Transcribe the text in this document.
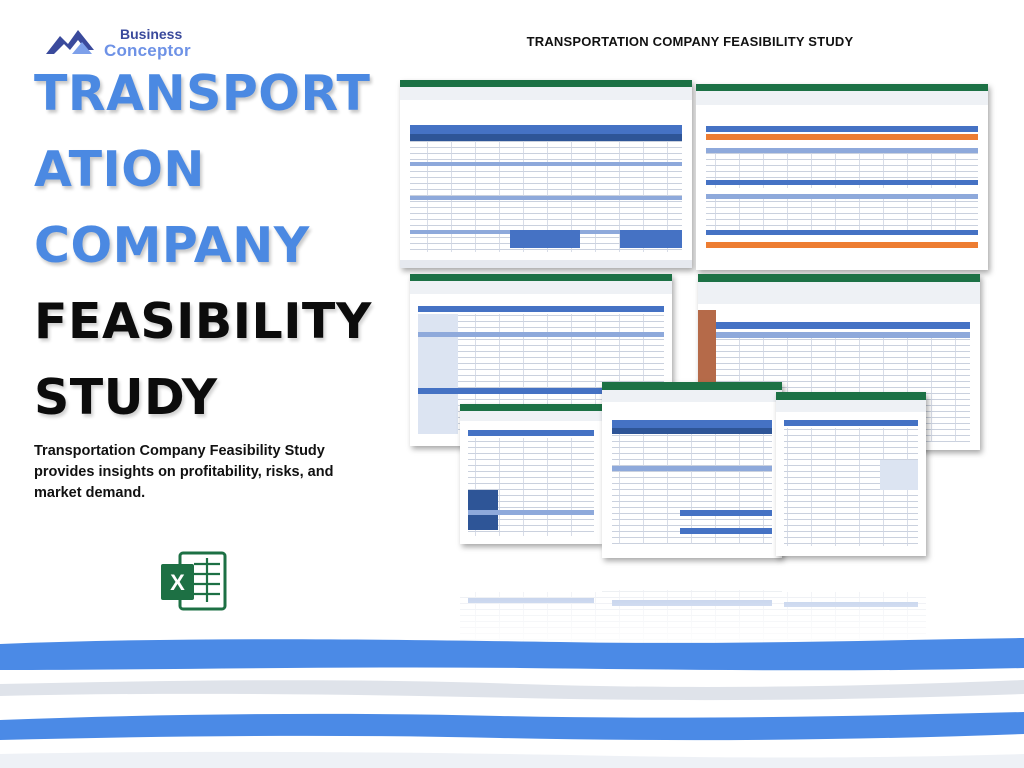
Business
Conceptor	TRANSPORTATION COMPANY FEASIBILITY STUDY
TRANSPORT
ATION
COMPANY
FEASIBILITY
STUDY
Transportation Company Feasibility Study provides insights on profitability, risks, and market demand.
X
